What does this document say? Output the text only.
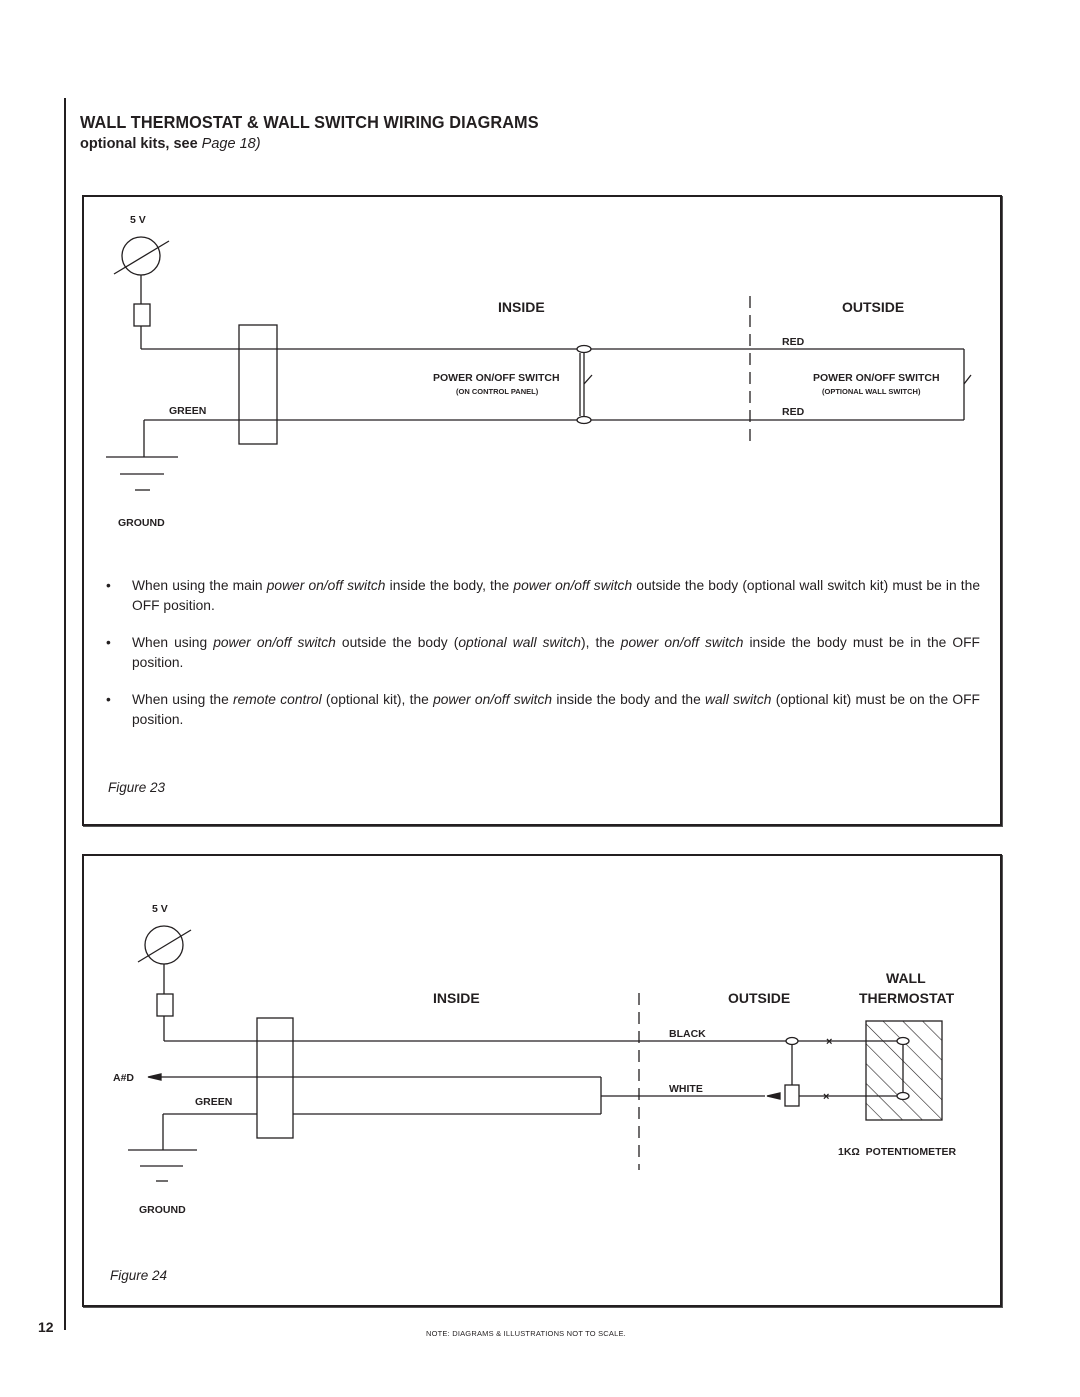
WALL THERMOSTAT & WALL SWITCH WIRING DIAGRAMS
optional kits, see Page 18)
5 V
INSIDE	OUTSIDE
RED
POWER ON/OFF SWITCH
(ON CONTROL PANEL)
POWER ON/OFF SWITCH
(OPTIONAL WALL SWITCH)
GREEN	RED
GROUND
• When using the main power on/off switch inside the body, the power on/off switch outside the body (optional wall switch kit) must be in the OFF position.
• When using power on/off switch outside the body (optional wall switch), the power on/off switch inside the body must be in the OFF position.
• When using the remote control (optional kit), the power on/off switch inside the body and the wall switch (optional kit) must be on the OFF position.
Figure 23
×
×
5 V
WALL
INSIDE	OUTSIDE	THERMOSTAT
BLACK
A#D
WHITE
GREEN
1KΩ  POTENTIOMETER
GROUND
Figure 24
12	NOTE: DIAGRAMS & ILLUSTRATIONS NOT TO SCALE.
